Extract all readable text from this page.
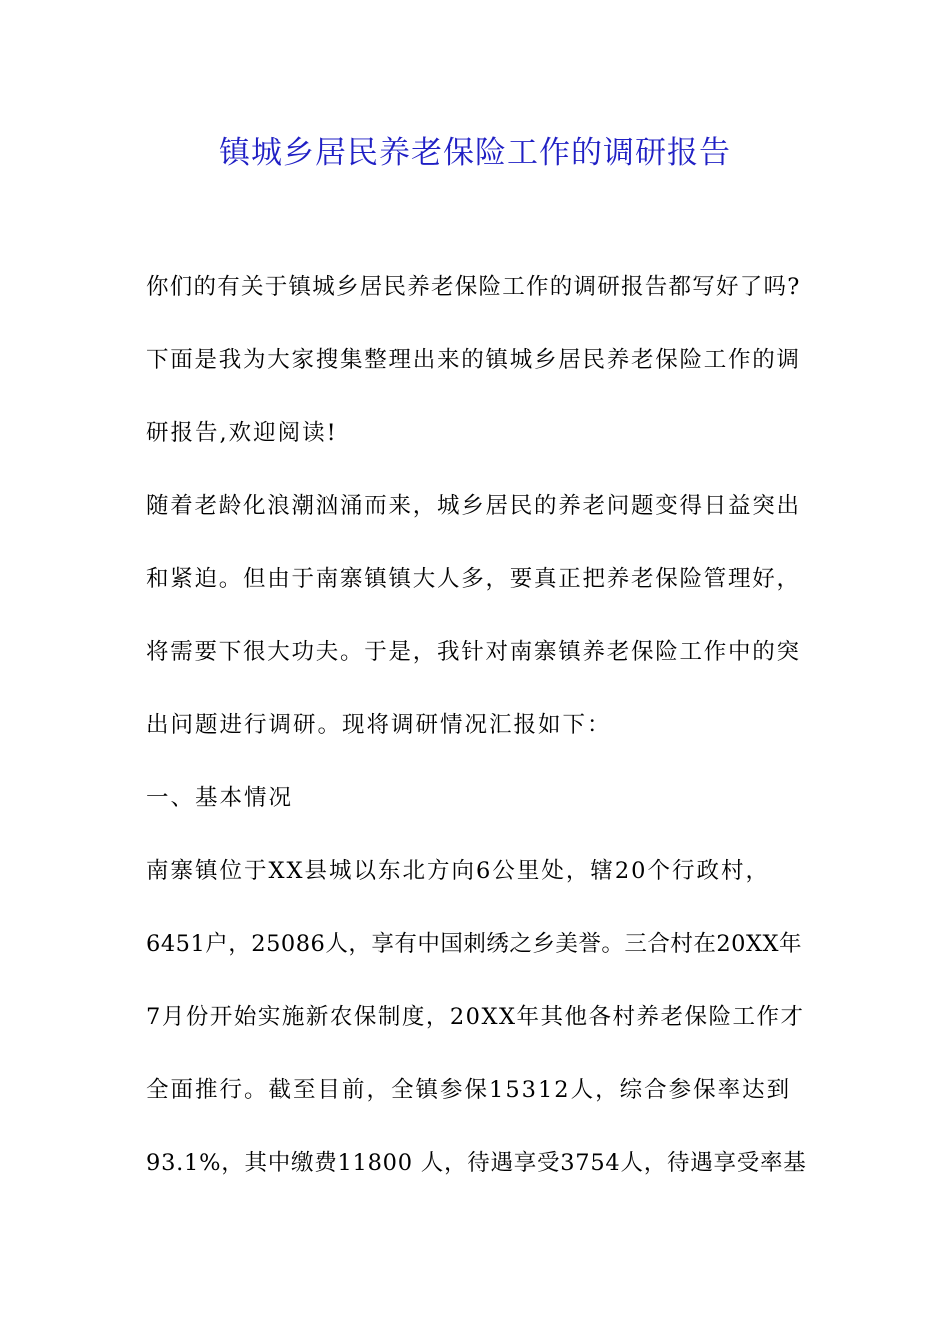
镇城乡居民养老保险工作的调研报告
你们的有关于镇城乡居民养老保险工作的调研报告都写好了吗?
下面是我为大家搜集整理出来的镇城乡居民养老保险工作的调
研报告,欢迎阅读!
随着老龄化浪潮汹涌而来，城乡居民的养老问题变得日益突出
和紧迫。但由于南寨镇镇大人多，要真正把养老保险管理好，
将需要下很大功夫。于是，我针对南寨镇养老保险工作中的突
出问题进行调研。现将调研情况汇报如下：
一、基本情况
南寨镇位于XX县城以东北方向6公里处，辖20个行政村，
6451户，25086人，享有中国刺绣之乡美誉。三合村在20XX年
7月份开始实施新农保制度，20XX年其他各村养老保险工作才
全面推行。截至目前，全镇参保15312人，综合参保率达到
93.1%，其中缴费11800 人，待遇享受3754人，待遇享受率基
